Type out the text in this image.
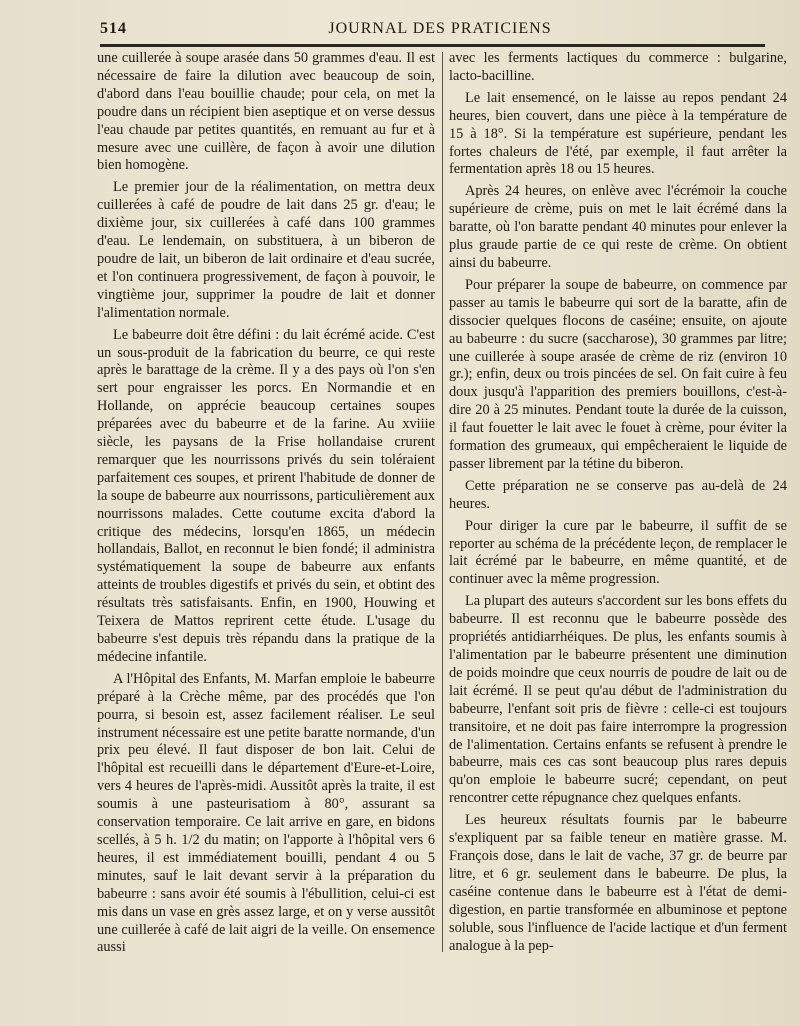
514	JOURNAL DES PRATICIENS

une cuillerée à soupe arasée dans 50 grammes d'eau. Il est nécessaire de faire la dilution avec beaucoup de soin, d'abord dans l'eau bouillie chaude; pour cela, on met la poudre dans un récipient bien aseptique et on verse dessus l'eau chaude par petites quantités, en remuant au fur et à mesure avec une cuillère, de façon à avoir une dilution bien homogène.

Le premier jour de la réalimentation, on mettra deux cuillerées à café de poudre de lait dans 25 gr. d'eau; le dixième jour, six cuillerées à café dans 100 grammes d'eau. Le lendemain, on substituera, à un biberon de poudre de lait, un biberon de lait ordinaire et d'eau sucrée, et l'on continuera progressivement, de façon à pouvoir, le vingtième jour, supprimer la poudre de lait et donner l'alimentation normale.

Le babeurre doit être défini : du lait écrémé acide. C'est un sous-produit de la fabrication du beurre, ce qui reste après le barattage de la crème. Il y a des pays où l'on s'en sert pour engraisser les porcs. En Normandie et en Hollande, on apprécie beaucoup certaines soupes préparées avec du babeurre et de la farine. Au xviiie siècle, les paysans de la Frise hollandaise crurent remarquer que les nourrissons privés du sein toléraient parfaitement ces soupes, et prirent l'habitude de donner de la soupe de babeurre aux nourrissons, particulièrement aux nourrissons malades. Cette coutume excita d'abord la critique des médecins, lorsqu'en 1865, un médecin hollandais, Ballot, en reconnut le bien fondé; il administra systématiquement la soupe de babeurre aux enfants atteints de troubles digestifs et privés du sein, et obtint des résultats très satisfaisants. Enfin, en 1900, Houwing et Teixera de Mattos reprirent cette étude. L'usage du babeurre s'est depuis très répandu dans la pratique de la médecine infantile.

A l'Hôpital des Enfants, M. Marfan emploie le babeurre préparé à la Crèche même, par des procédés que l'on pourra, si besoin est, assez facilement réaliser. Le seul instrument nécessaire est une petite baratte normande, d'un prix peu élevé. Il faut disposer de bon lait. Celui de l'hôpital est recueilli dans le département d'Eure-et-Loire, vers 4 heures de l'après-midi. Aussitôt après la traite, il est soumis à une pasteurisatiom à 80°, assurant sa conservation temporaire. Ce lait arrive en gare, en bidons scellés, à 5 h. 1/2 du matin; on l'apporte à l'hôpital vers 6 heures, il est immédiatement bouilli, pendant 4 ou 5 minutes, sauf le lait devant servir à la préparation du babeurre : sans avoir été soumis à l'ébullition, celui-ci est mis dans un vase en grès assez large, et on y verse aussitôt une cuillerée à café de lait aigri de la veille. On ensemence aussi

avec les ferments lactiques du commerce : bulgarine, lacto-bacilline.

Le lait ensemencé, on le laisse au repos pendant 24 heures, bien couvert, dans une pièce à la température de 15 à 18°. Si la température est supérieure, pendant les fortes chaleurs de l'été, par exemple, il faut arrêter la fermentation après 18 ou 15 heures.

Après 24 heures, on enlève avec l'écrémoir la couche supérieure de crème, puis on met le lait écrémé dans la baratte, où l'on baratte pendant 40 minutes pour enlever la plus graude partie de ce qui reste de crème. On obtient ainsi du babeurre.

Pour préparer la soupe de babeurre, on commence par passer au tamis le babeurre qui sort de la baratte, afin de dissocier quelques flocons de caséine; ensuite, on ajoute au babeurre : du sucre (saccharose), 30 grammes par litre; une cuillerée à soupe arasée de crème de riz (environ 10 gr.); enfin, deux ou trois pincées de sel. On fait cuire à feu doux jusqu'à l'apparition des premiers bouillons, c'est-à-dire 20 à 25 minutes. Pendant toute la durée de la cuisson, il faut fouetter le lait avec le fouet à crème, pour éviter la formation des grumeaux, qui empêcheraient le liquide de passer librement par la tétine du biberon.

Cette préparation ne se conserve pas au-delà de 24 heures.

Pour diriger la cure par le babeurre, il suffit de se reporter au schéma de la précédente leçon, de remplacer le lait écrémé par le babeurre, en même quantité, et de continuer avec la même progression.

La plupart des auteurs s'accordent sur les bons effets du babeurre. Il est reconnu que le babeurre possède des propriétés antidiarrhéiques. De plus, les enfants soumis à l'alimentation par le babeurre présentent une diminution de poids moindre que ceux nourris de poudre de lait ou de lait écrémé. Il se peut qu'au début de l'administration du babeurre, l'enfant soit pris de fièvre : celle-ci est toujours transitoire, et ne doit pas faire interrompre la progression de l'alimentation. Certains enfants se refusent à prendre le babeurre, mais ces cas sont beaucoup plus rares depuis qu'on emploie le babeurre sucré; cependant, on peut rencontrer cette répugnance chez quelques enfants.

Les heureux résultats fournis par le babeurre s'expliquent par sa faible teneur en matière grasse. M. François dose, dans le lait de vache, 37 gr. de beurre par litre, et 6 gr. seulement dans le babeurre. De plus, la caséine contenue dans le babeurre est à l'état de demi-digestion, en partie transformée en albuminose et peptone soluble, sous l'influence de l'acide lactique et d'un ferment analogue à la pep-
